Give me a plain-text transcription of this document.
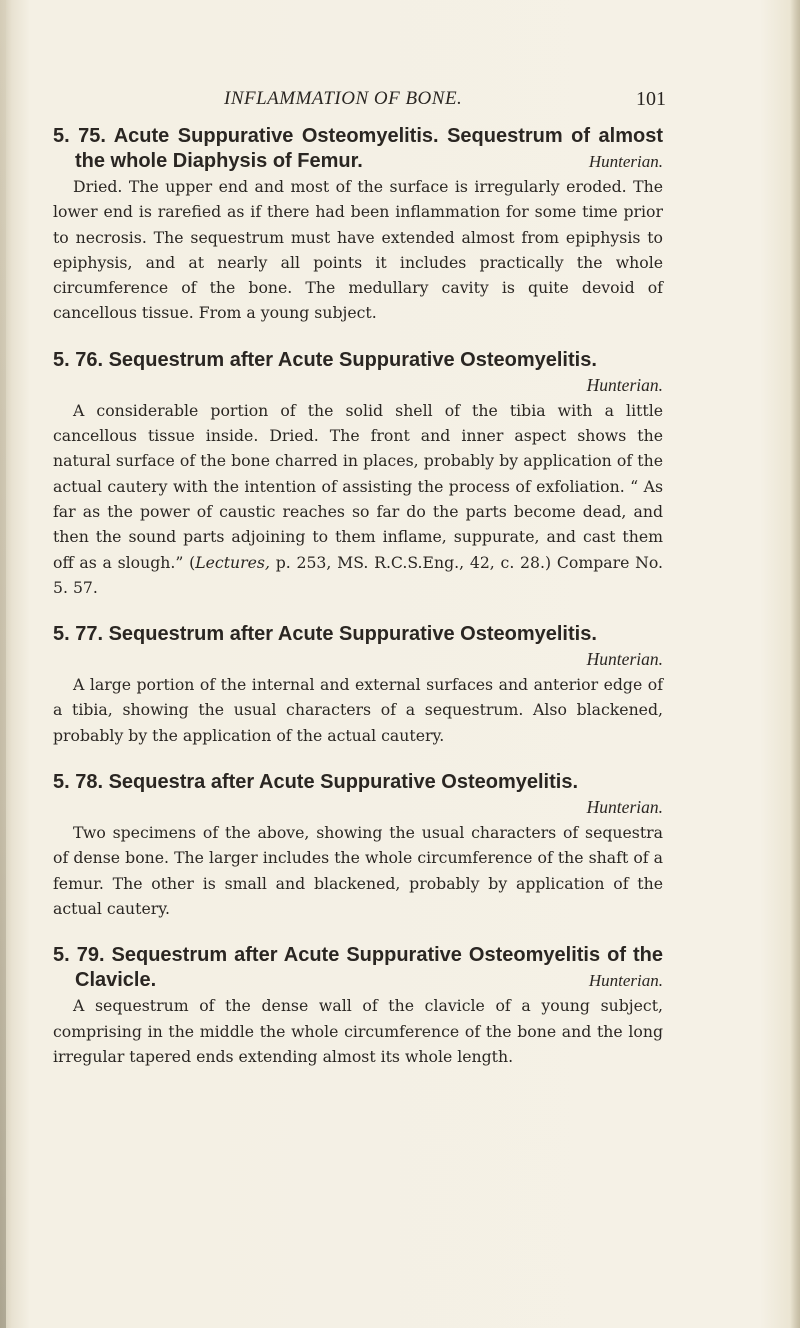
INFLAMMATION OF BONE.	101
5. 75. Acute Suppurative Osteomyelitis. Sequestrum of almost the whole Diaphysis of Femur.	Hunterian.

Dried. The upper end and most of the surface is irregularly eroded. The lower end is rarefied as if there had been inflammation for some time prior to necrosis. The sequestrum must have extended almost from epiphysis to epiphysis, and at nearly all points it includes practically the whole circumference of the bone. The medullary cavity is quite devoid of cancellous tissue. From a young subject.

5. 76. Sequestrum after Acute Suppurative Osteomyelitis.
Hunterian.

A considerable portion of the solid shell of the tibia with a little cancellous tissue inside. Dried. The front and inner aspect shows the natural surface of the bone charred in places, probably by application of the actual cautery with the intention of assisting the process of exfoliation. “ As far as the power of caustic reaches so far do the parts become dead, and then the sound parts adjoining to them inflame, suppurate, and cast them off as a slough.” (Lectures, p. 253, MS. R.C.S.Eng., 42, c. 28.) Compare No. 5. 57.

5. 77. Sequestrum after Acute Suppurative Osteomyelitis.
Hunterian.

A large portion of the internal and external surfaces and anterior edge of a tibia, showing the usual characters of a sequestrum. Also blackened, probably by the application of the actual cautery.

5. 78. Sequestra after Acute Suppurative Osteomyelitis.
Hunterian.

Two specimens of the above, showing the usual characters of sequestra of dense bone. The larger includes the whole circumference of the shaft of a femur. The other is small and blackened, probably by application of the actual cautery.

5. 79. Sequestrum after Acute Suppurative Osteomyelitis of the Clavicle.	Hunterian.

A sequestrum of the dense wall of the clavicle of a young subject, comprising in the middle the whole circumference of the bone and the long irregular tapered ends extending almost its whole length.
